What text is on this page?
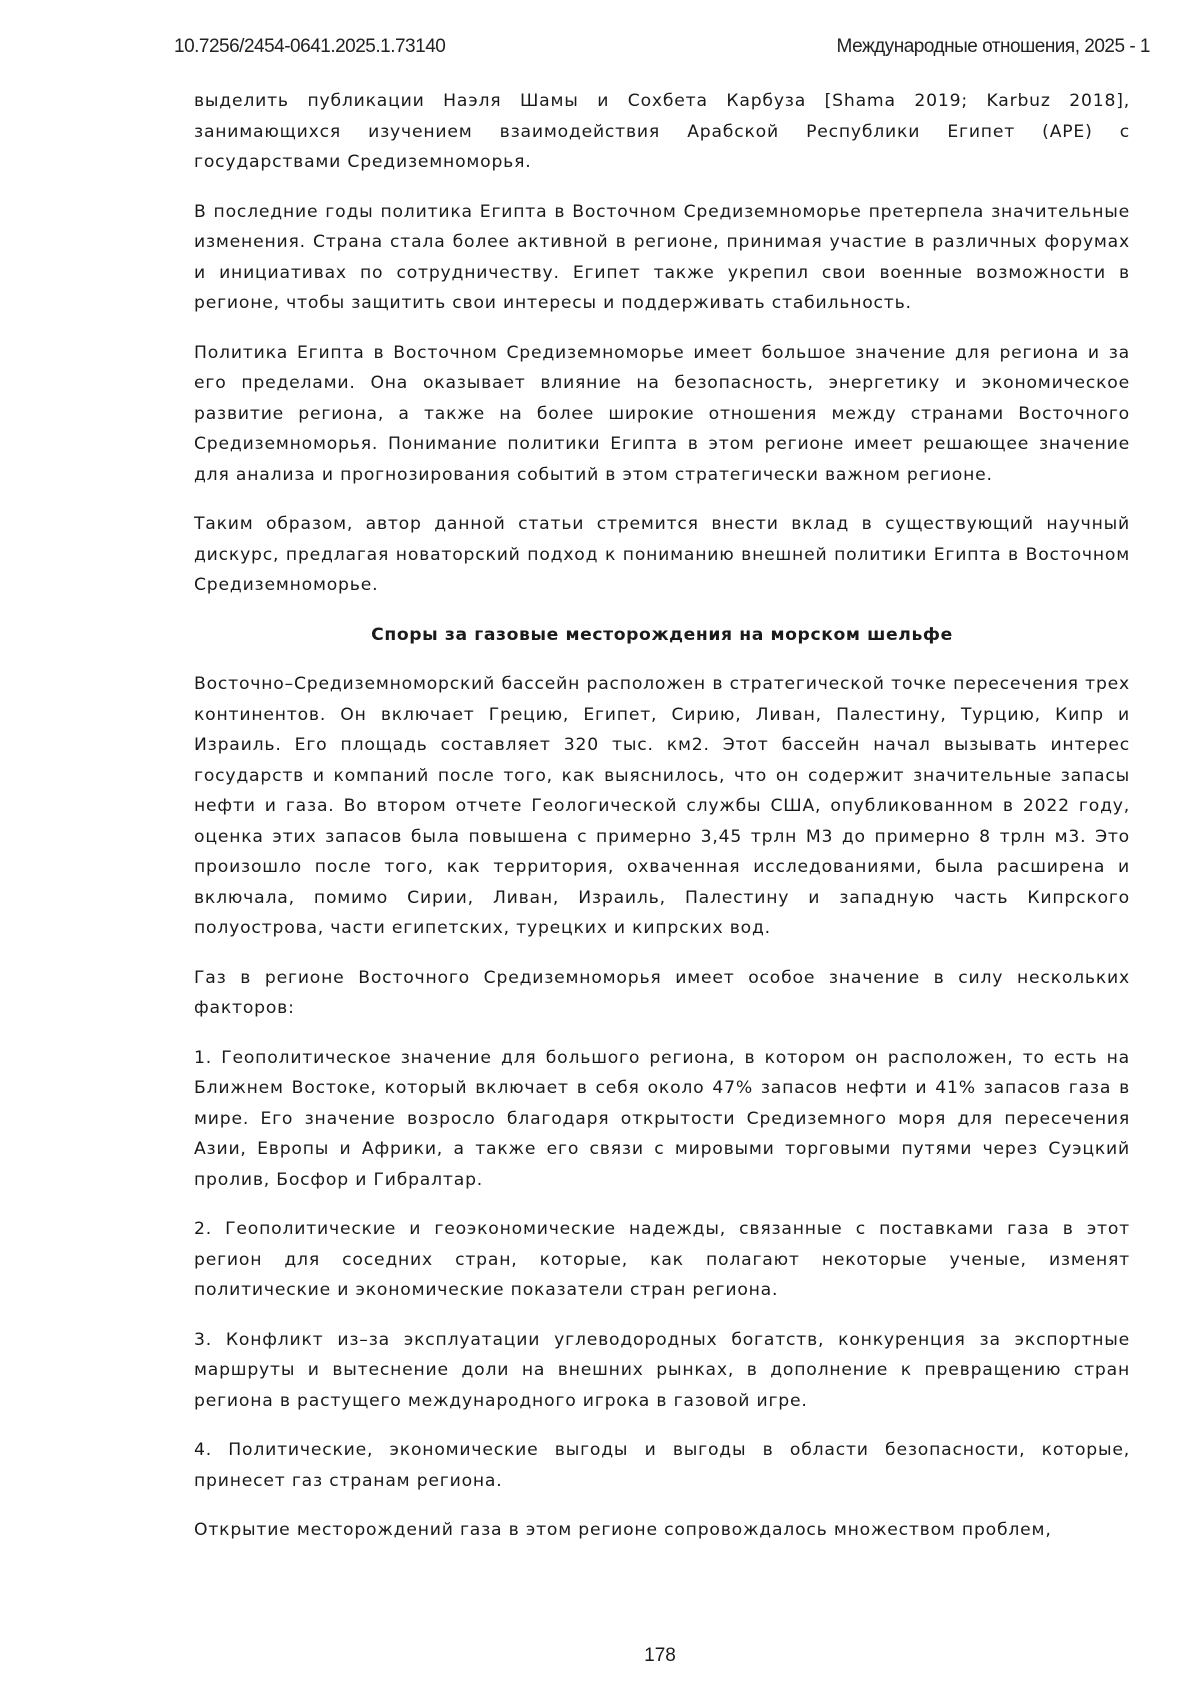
10.7256/2454-0641.2025.1.73140	Международные отношения, 2025 - 1

выделить публикации Наэля Шамы и Сохбета Карбуза [Shama 2019; Karbuz 2018], занимающихся изучением взаимодействия Арабской Республики Египет (АРЕ) с государствами Средиземноморья.

В последние годы политика Египта в Восточном Средиземноморье претерпела значительные изменения. Страна стала более активной в регионе, принимая участие в различных форумах и инициативах по сотрудничеству. Египет также укрепил свои военные возможности в регионе, чтобы защитить свои интересы и поддерживать стабильность.

Политика Египта в Восточном Средиземноморье имеет большое значение для региона и за его пределами. Она оказывает влияние на безопасность, энергетику и экономическое развитие региона, а также на более широкие отношения между странами Восточного Средиземноморья. Понимание политики Египта в этом регионе имеет решающее значение для анализа и прогнозирования событий в этом стратегически важном регионе.

Таким образом, автор данной статьи стремится внести вклад в существующий научный дискурс, предлагая новаторский подход к пониманию внешней политики Египта в Восточном Средиземноморье.

Споры за газовые месторождения на морском шельфе

Восточно–Средиземноморский бассейн расположен в стратегической точке пересечения трех континентов. Он включает Грецию, Египет, Сирию, Ливан, Палестину, Турцию, Кипр и Израиль. Его площадь составляет 320 тыс. км2. Этот бассейн начал вызывать интерес государств и компаний после того, как выяснилось, что он содержит значительные запасы нефти и газа. Во втором отчете Геологической службы США, опубликованном в 2022 году, оценка этих запасов была повышена с примерно 3,45 трлн М3 до примерно 8 трлн м3. Это произошло после того, как территория, охваченная исследованиями, была расширена и включала, помимо Сирии, Ливан, Израиль, Палестину и западную часть Кипрского полуострова, части египетских, турецких и кипрских вод.

Газ в регионе Восточного Средиземноморья имеет особое значение в силу нескольких факторов:

1. Геополитическое значение для большого региона, в котором он расположен, то есть на Ближнем Востоке, который включает в себя около 47% запасов нефти и 41% запасов газа в мире. Его значение возросло благодаря открытости Средиземного моря для пересечения Азии, Европы и Африки, а также его связи с мировыми торговыми путями через Суэцкий пролив, Босфор и Гибралтар.

2. Геополитические и геоэкономические надежды, связанные с поставками газа в этот регион для соседних стран, которые, как полагают некоторые ученые, изменят политические и экономические показатели стран региона.

3. Конфликт из–за эксплуатации углеводородных богатств, конкуренция за экспортные маршруты и вытеснение доли на внешних рынках, в дополнение к превращению стран региона в растущего международного игрока в газовой игре.

4. Политические, экономические выгоды и выгоды в области безопасности, которые, принесет газ странам региона.

Открытие месторождений газа в этом регионе сопровождалось множеством проблем,

178
